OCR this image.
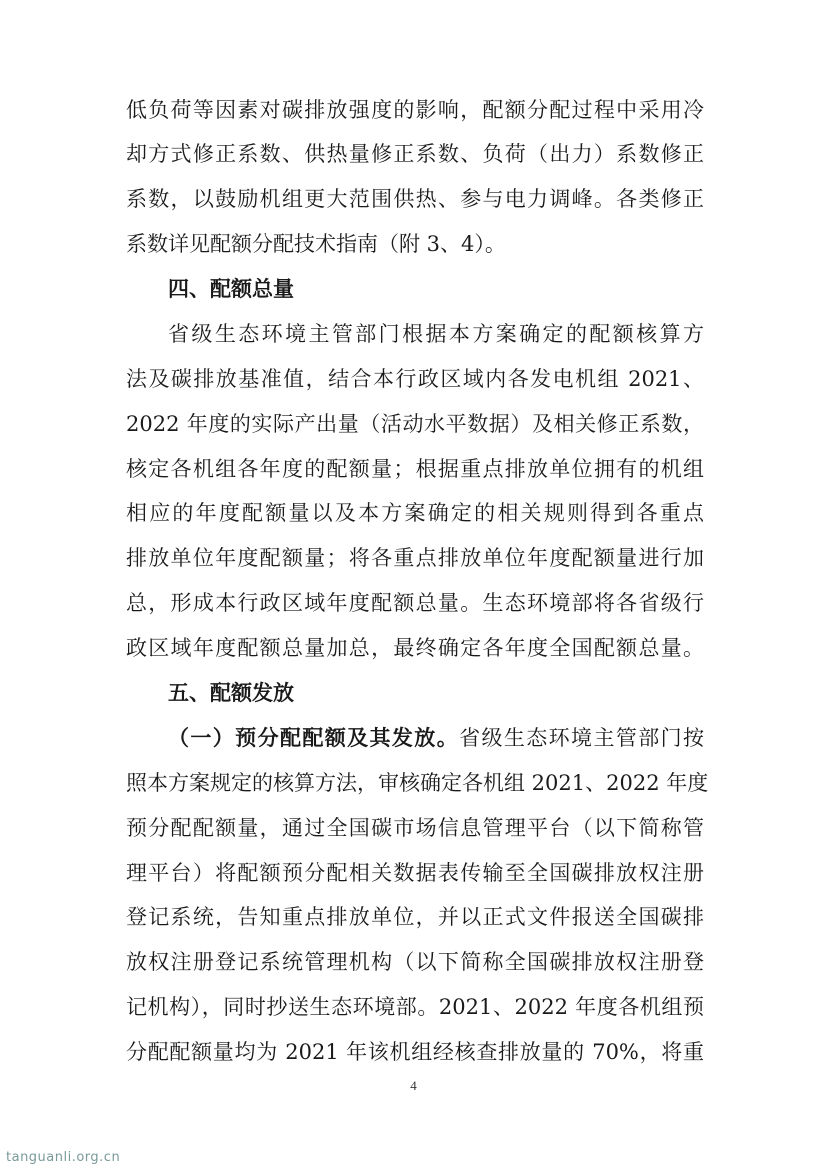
低负荷等因素对碳排放强度的影响，配额分配过程中采用冷
却方式修正系数、供热量修正系数、负荷（出力）系数修正
系数，以鼓励机组更大范围供热、参与电力调峰。各类修正
系数详见配额分配技术指南（附 3、4）。
四、配额总量
省级生态环境主管部门根据本方案确定的配额核算方
法及碳排放基准值，结合本行政区域内各发电机组 2021、
2022 年度的实际产出量（活动水平数据）及相关修正系数，
核定各机组各年度的配额量；根据重点排放单位拥有的机组
相应的年度配额量以及本方案确定的相关规则得到各重点
排放单位年度配额量；将各重点排放单位年度配额量进行加
总，形成本行政区域年度配额总量。生态环境部将各省级行
政区域年度配额总量加总，最终确定各年度全国配额总量。
五、配额发放
（一）预分配配额及其发放。省级生态环境主管部门按
照本方案规定的核算方法，审核确定各机组 2021、2022 年度
预分配配额量，通过全国碳市场信息管理平台（以下简称管
理平台）将配额预分配相关数据表传输至全国碳排放权注册
登记系统，告知重点排放单位，并以正式文件报送全国碳排
放权注册登记系统管理机构（以下简称全国碳排放权注册登
记机构），同时抄送生态环境部。2021、2022 年度各机组预
4
tanguanli.org.cn
分配配额量均为 2021 年该机组经核查排放量的 70%，将重
